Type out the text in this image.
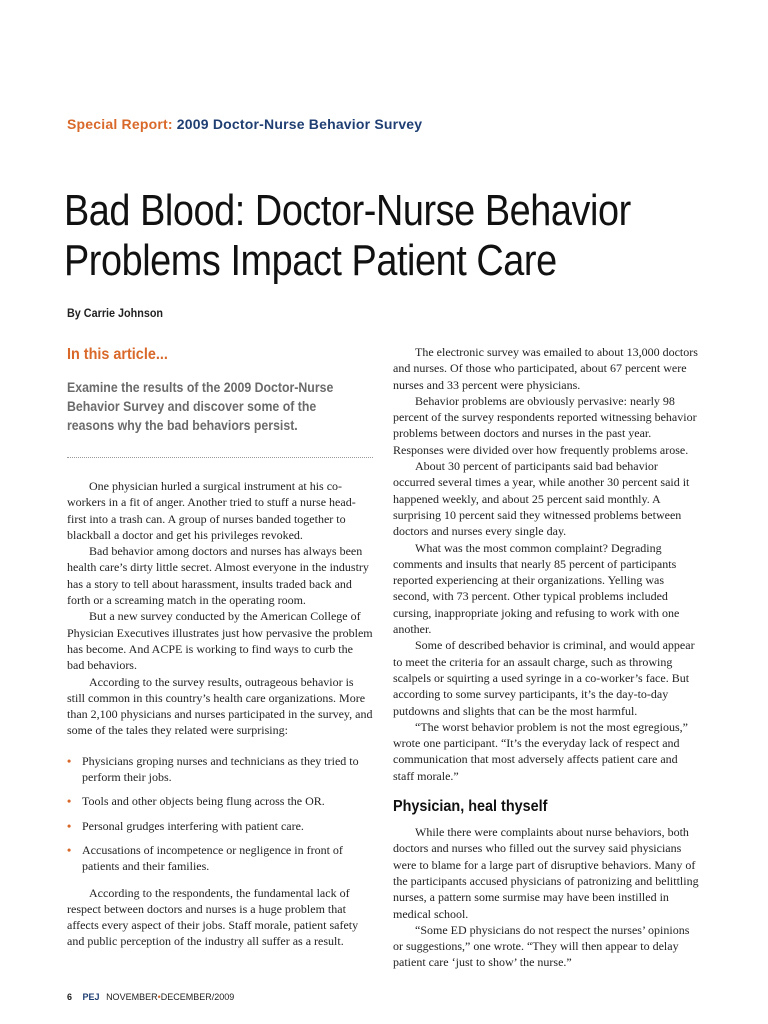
Special Report: 2009 Doctor-Nurse Behavior Survey
Bad Blood: Doctor-Nurse Behavior
Problems Impact Patient Care
By Carrie Johnson
In this article...

Examine the results of the 2009 Doctor-Nurse Behavior Survey and discover some of the reasons why the bad behaviors persist.

One physician hurled a surgical instrument at his co-workers in a fit of anger. Another tried to stuff a nurse head-first into a trash can. A group of nurses banded together to blackball a doctor and get his privileges revoked.

Bad behavior among doctors and nurses has always been health care’s dirty little secret. Almost everyone in the industry has a story to tell about harassment, insults traded back and forth or a screaming match in the operating room.

But a new survey conducted by the American College of Physician Executives illustrates just how pervasive the problem has become. And ACPE is working to find ways to curb the bad behaviors.

According to the survey results, outrageous behavior is still common in this country’s health care organizations. More than 2,100 physicians and nurses participated in the survey, and some of the tales they related were surprising:

• Physicians groping nurses and technicians as they tried to perform their jobs.
• Tools and other objects being flung across the OR.
• Personal grudges interfering with patient care.
• Accusations of incompetence or negligence in front of patients and their families.

According to the respondents, the fundamental lack of respect between doctors and nurses is a huge problem that affects every aspect of their jobs. Staff morale, patient safety and public perception of the industry all suffer as a result.

The electronic survey was emailed to about 13,000 doctors and nurses. Of those who participated, about 67 percent were nurses and 33 percent were physicians.

Behavior problems are obviously pervasive: nearly 98 percent of the survey respondents reported witnessing behavior problems between doctors and nurses in the past year. Responses were divided over how frequently problems arose.

About 30 percent of participants said bad behavior occurred several times a year, while another 30 percent said it happened weekly, and about 25 percent said monthly. A surprising 10 percent said they witnessed problems between doctors and nurses every single day.

What was the most common complaint? Degrading comments and insults that nearly 85 percent of participants reported experiencing at their organizations. Yelling was second, with 73 percent. Other typical problems included cursing, inappropriate joking and refusing to work with one another.

Some of described behavior is criminal, and would appear to meet the criteria for an assault charge, such as throwing scalpels or squirting a used syringe in a co-worker’s face. But according to some survey participants, it’s the day-to-day putdowns and slights that can be the most harmful.

“The worst behavior problem is not the most egregious,” wrote one participant. “It’s the everyday lack of respect and communication that most adversely affects patient care and staff morale.”

Physician, heal thyself

While there were complaints about nurse behaviors, both doctors and nurses who filled out the survey said physicians were to blame for a large part of disruptive behaviors. Many of the participants accused physicians of patronizing and belittling nurses, a pattern some surmise may have been instilled in medical school.

“Some ED physicians do not respect the nurses’ opinions or suggestions,” one wrote. “They will then appear to delay patient care ‘just to show’ the nurse.”

6 PEJ NOVEMBER•DECEMBER/2009
